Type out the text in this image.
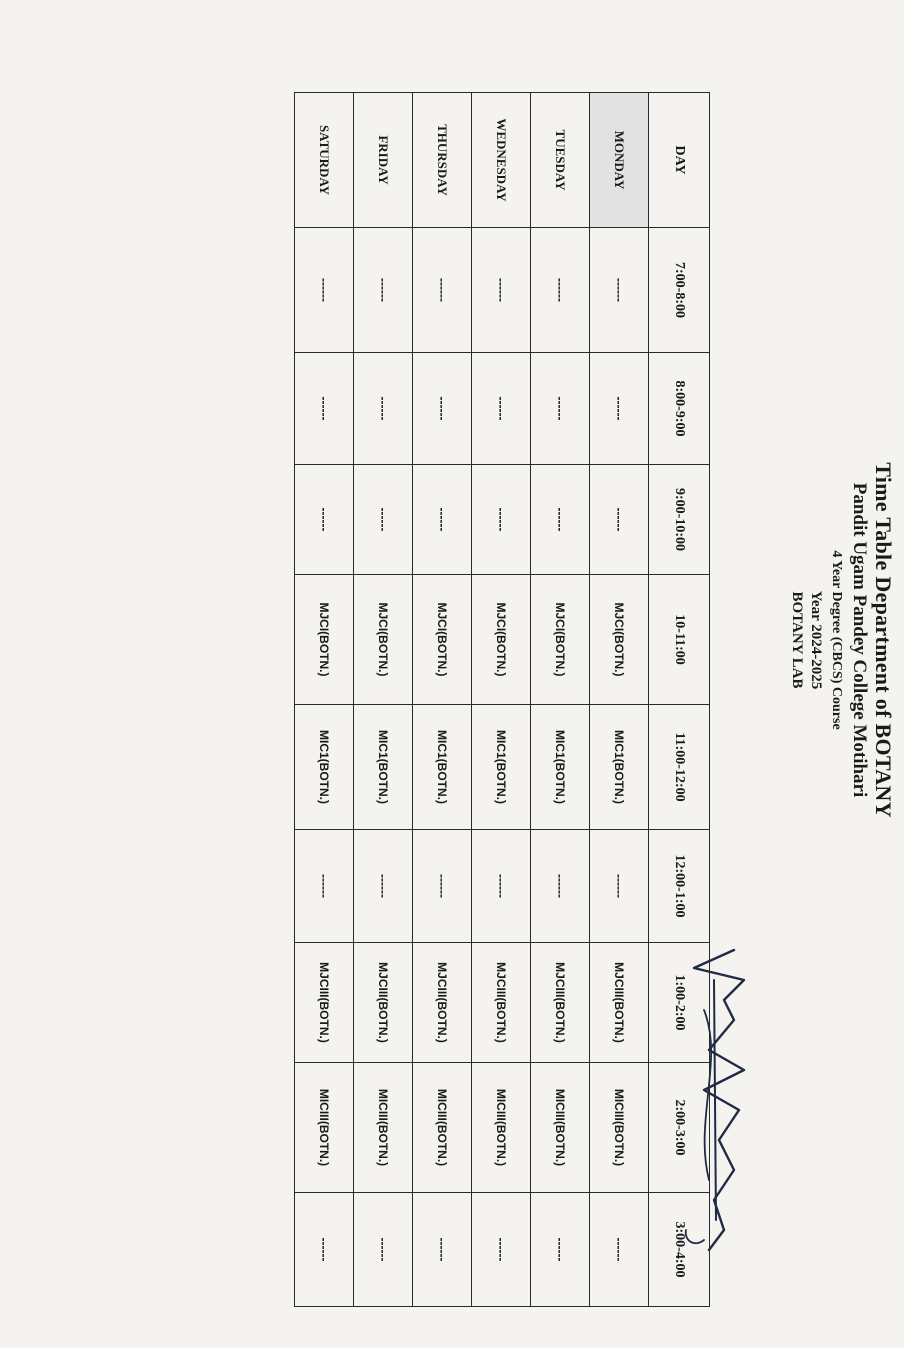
Time Table Department of BOTANY
Pandit Ugam Pandey College Motihari
4 Year Degree (CBCS) Course
Year 2024-2025
BOTANY LAB
DAY	7:00-8:00	8:00-9:00	9:00-10:00	10-11:00	11:00-12:00	12:00-1:00	1:00-2:00	2:00-3:00	3:00-4:00
MONDAY	------	------	------	MJCI(BOTN.)	MIC1(BOTN.)	------	MJCIII(BOTN.)	MICIII(BOTN.)	------
TUESDAY	------	------	------	MJCI(BOTN.)	MIC1(BOTN.)	------	MJCIII(BOTN.)	MICIII(BOTN.)	------
WEDNESDAY	------	------	------	MJCI(BOTN.)	MIC1(BOTN.)	------	MJCIII(BOTN.)	MICIII(BOTN.)	------
THURSDAY	------	------	------	MJCI(BOTN.)	MIC1(BOTN.)	------	MJCIII(BOTN.)	MICIII(BOTN.)	------
FRIDAY	------	------	------	MJCI(BOTN.)	MIC1(BOTN.)	------	MJCIII(BOTN.)	MICIII(BOTN.)	------
SATURDAY	------	------	------	MJCI(BOTN.)	MIC1(BOTN.)	------	MJCIII(BOTN.)	MICIII(BOTN.)	------
